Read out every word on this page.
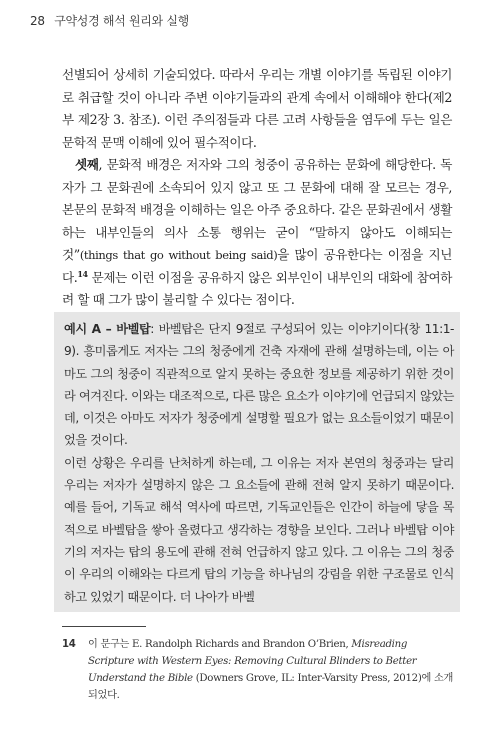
28 구약성경 해석 원리와 실행

선별되어 상세히 기술되었다. 따라서 우리는 개별 이야기를 독립된 이야기로 취급할 것이 아니라 주변 이야기들과의 관계 속에서 이해해야 한다(제2부 제2장 3. 참조). 이런 주의점들과 다른 고려 사항들을 염두에 두는 일은 문학적 문맥 이해에 있어 필수적이다.

셋째, 문화적 배경은 저자와 그의 청중이 공유하는 문화에 해당한다. 독자가 그 문화권에 소속되어 있지 않고 또 그 문화에 대해 잘 모르는 경우, 본문의 문화적 배경을 이해하는 일은 아주 중요하다. 같은 문화권에서 생활하는 내부인들의 의사 소통 행위는 굳이 “말하지 않아도 이해되는 것”(things that go without being said)을 많이 공유한다는 이점을 지닌다.$^{14}$ 문제는 이런 이점을 공유하지 않은 외부인이 내부인의 대화에 참여하려 할 때 그가 많이 불리할 수 있다는 점이다.

예시 A – 바벨탑: 바벨탑은 단지 9절로 구성되어 있는 이야기이다(창 11:1-9). 흥미롭게도 저자는 그의 청중에게 건축 자재에 관해 설명하는데, 이는 아마도 그의 청중이 직관적으로 알지 못하는 중요한 정보를 제공하기 위한 것이라 여겨진다. 이와는 대조적으로, 다른 많은 요소가 이야기에 언급되지 않았는데, 이것은 아마도 저자가 청중에게 설명할 필요가 없는 요소들이었기 때문이었을 것이다.

이런 상황은 우리를 난처하게 하는데, 그 이유는 저자 본연의 청중과는 달리 우리는 저자가 설명하지 않은 그 요소들에 관해 전혀 알지 못하기 때문이다. 예를 들어, 기독교 해석 역사에 따르면, 기독교인들은 인간이 하늘에 닿을 목적으로 바벨탑을 쌓아 올렸다고 생각하는 경향을 보인다. 그러나 바벨탑 이야기의 저자는 탑의 용도에 관해 전혀 언급하지 않고 있다. 그 이유는 그의 청중이 우리의 이해와는 다르게 탑의 기능을 하나님의 강림을 위한 구조물로 인식하고 있었기 때문이다. 더 나아가 바벨

14 이 문구는 E. Randolph Richards and Brandon O’Brien, Misreading Scripture with Western Eyes: Removing Cultural Blinders to Better Understand the Bible (Downers Grove, IL: Inter-Varsity Press, 2012)에 소개되었다.
